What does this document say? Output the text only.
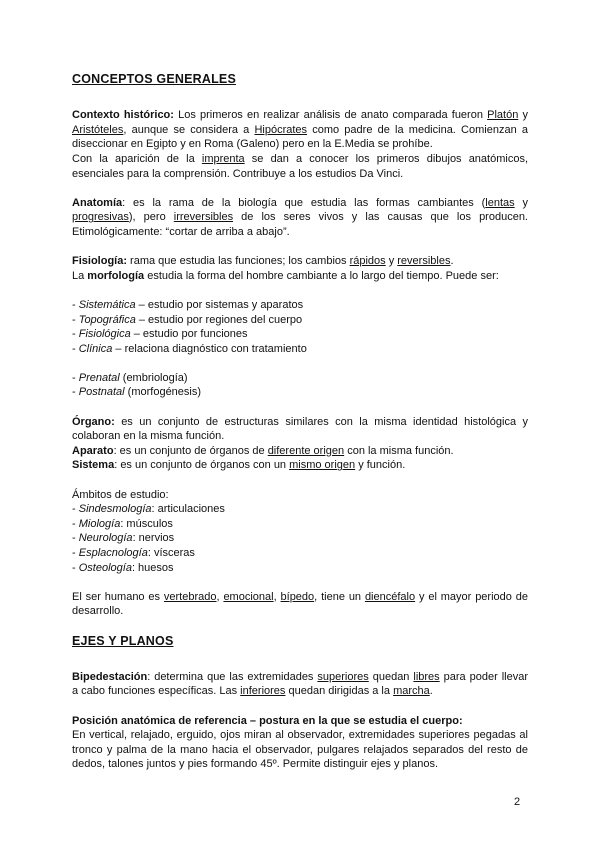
CONCEPTOS GENERALES

Contexto histórico: Los primeros en realizar análisis de anato comparada fueron Platón y Aristóteles, aunque se considera a Hipócrates como padre de la medicina. Comienzan a diseccionar en Egipto y en Roma (Galeno) pero en la E.Media se prohíbe.

Con la aparición de la imprenta se dan a conocer los primeros dibujos anatómicos, esenciales para la comprensión. Contribuye a los estudios Da Vinci.

Anatomía: es la rama de la biología que estudia las formas cambiantes (lentas y progresivas), pero irreversibles de los seres vivos y las causas que los producen. Etimológicamente: “cortar de arriba a abajo”.

Fisiología: rama que estudia las funciones; los cambios rápidos y reversibles.

La morfología estudia la forma del hombre cambiante a lo largo del tiempo. Puede ser:

- Sistemática – estudio por sistemas y aparatos

- Topográfica – estudio por regiones del cuerpo

- Fisiológica – estudio por funciones

- Clínica – relaciona diagnóstico con tratamiento

- Prenatal (embriología)

- Postnatal (morfogénesis)

Órgano: es un conjunto de estructuras similares con la misma identidad histológica y colaboran en la misma función.

Aparato: es un conjunto de órganos de diferente origen con la misma función.

Sistema: es un conjunto de órganos con un mismo origen y función.

Ámbitos de estudio:

- Sindesmología: articulaciones

- Miología: músculos

- Neurología: nervios

- Esplacnología: vísceras

- Osteología: huesos

El ser humano es vertebrado, emocional, bípedo, tiene un diencéfalo y el mayor periodo de desarrollo.

EJES Y PLANOS

Bipedestación: determina que las extremidades superiores quedan libres para poder llevar a cabo funciones específicas. Las inferiores quedan dirigidas a la marcha.

Posición anatómica de referencia – postura en la que se estudia el cuerpo:

En vertical, relajado, erguido, ojos miran al observador, extremidades superiores pegadas al tronco y palma de la mano hacia el observador, pulgares relajados separados del resto de dedos, talones juntos y pies formando 45º. Permite distinguir ejes y planos.

2
